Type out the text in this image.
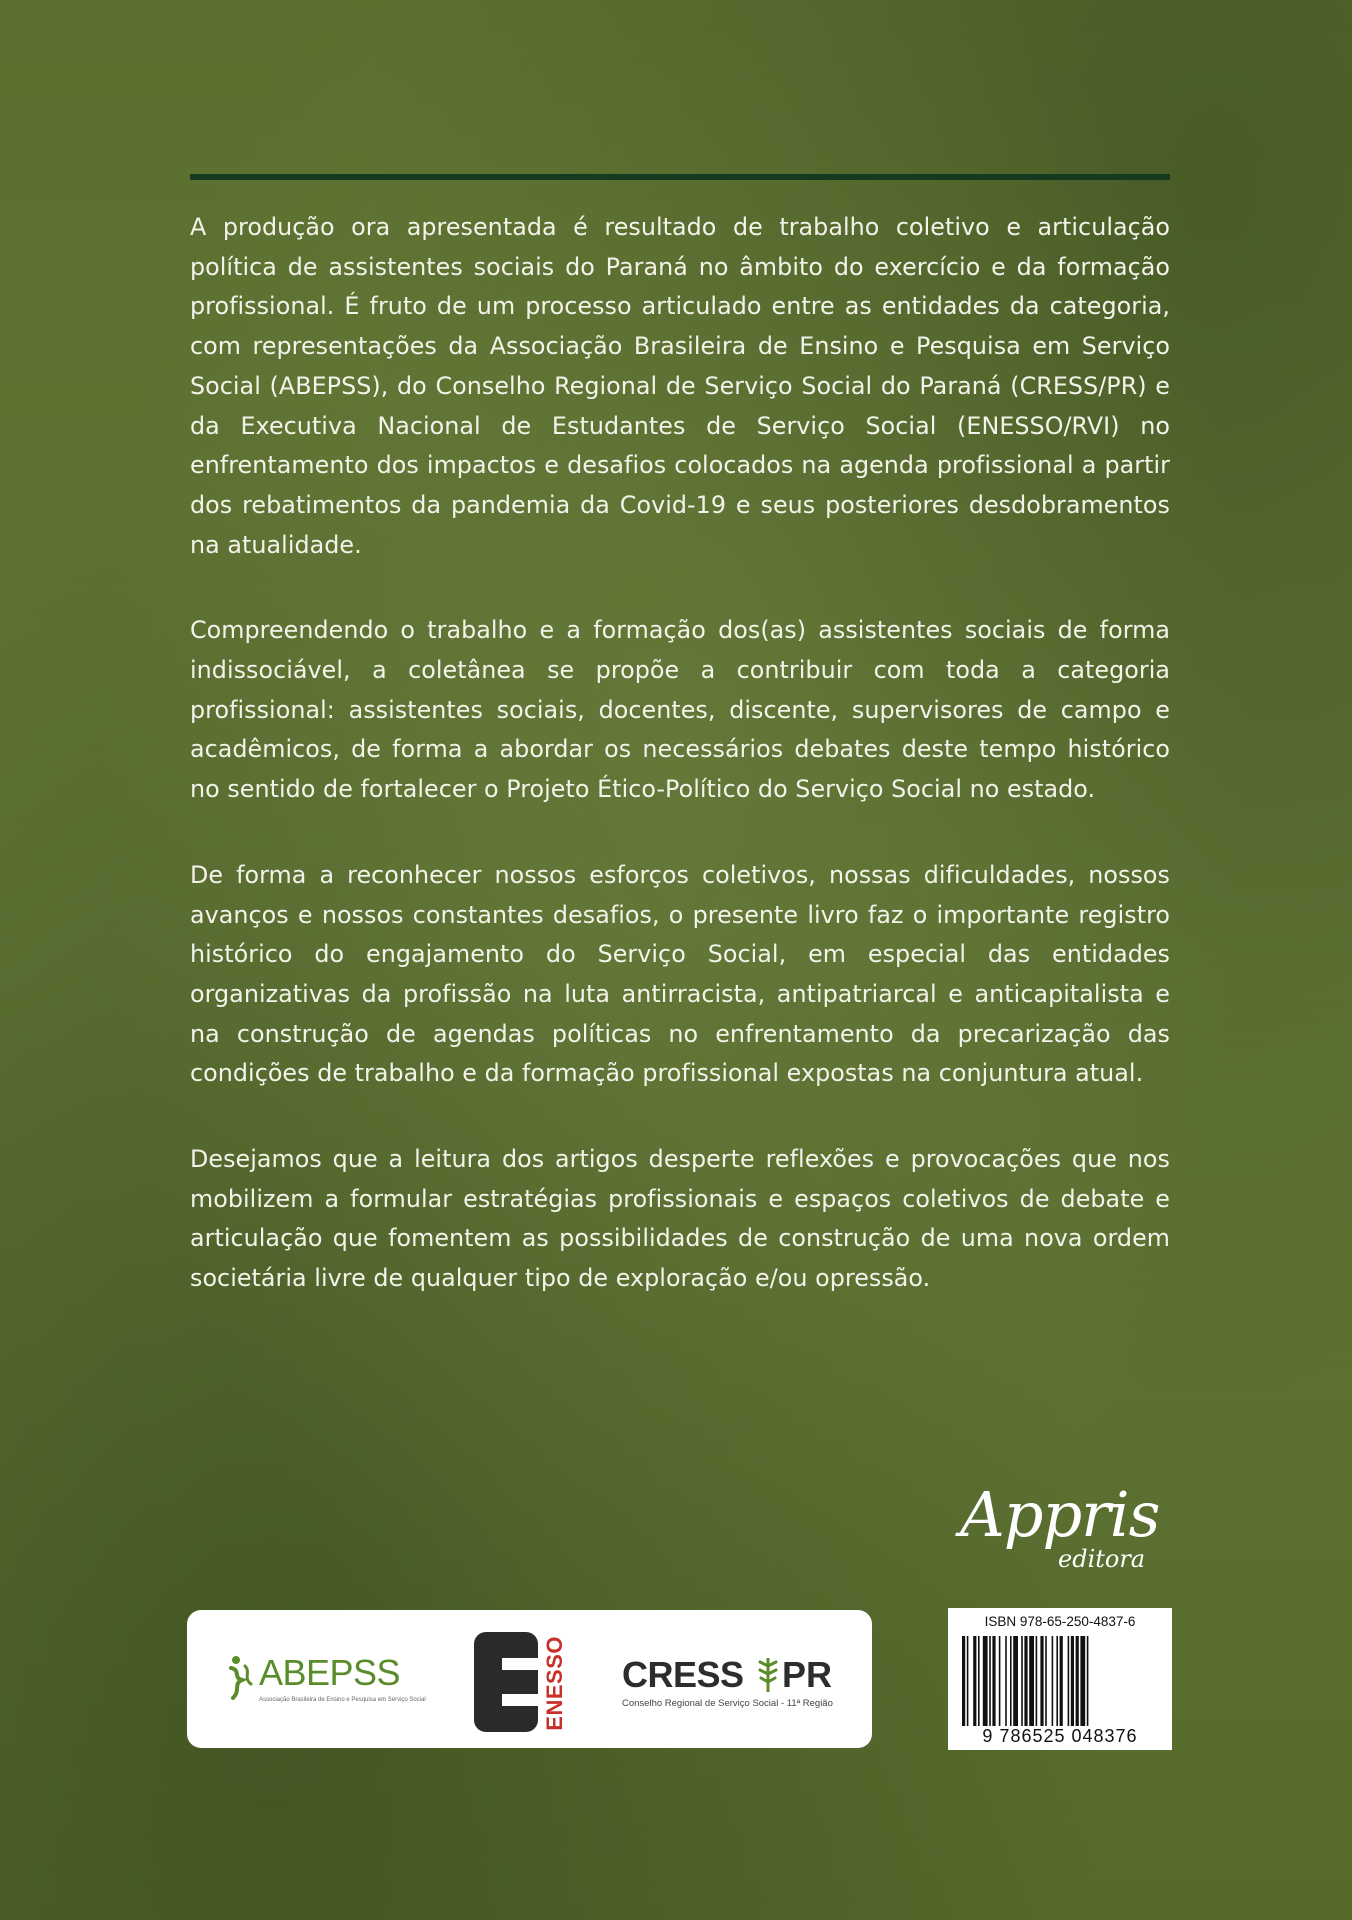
A produção ora apresentada é resultado de trabalho coletivo e articulação política de assistentes sociais do Paraná no âmbito do exercício e da formação profissional. É fruto de um processo articulado entre as entidades da categoria, com representações da Associação Brasileira de Ensino e Pesquisa em Serviço Social (ABEPSS), do Conselho Regional de Serviço Social do Paraná (CRESS/PR) e da Executiva Nacional de Estudantes de Serviço Social (ENESSO/RVI) no enfrentamento dos impactos e desafios colocados na agenda profissional a partir dos rebatimentos da pandemia da Covid-19 e seus posteriores desdobramentos na atualidade.

Compreendendo o trabalho e a formação dos(as) assistentes sociais de forma indissociável, a coletânea se propõe a contribuir com toda a categoria profissional: assistentes sociais, docentes, discente, supervisores de campo e acadêmicos, de forma a abordar os necessários debates deste tempo histórico no sentido de fortalecer o Projeto Ético-Político do Serviço Social no estado.

De forma a reconhecer nossos esforços coletivos, nossas dificuldades, nossos avanços e nossos constantes desafios, o presente livro faz o importante registro histórico do engajamento do Serviço Social, em especial das entidades organizativas da profissão na luta antirracista, antipatriarcal e anticapitalista e na construção de agendas políticas no enfrentamento da precarização das condições de trabalho e da formação profissional expostas na conjuntura atual.

Desejamos que a leitura dos artigos desperte reflexões e provocações que nos mobilizem a formular estratégias profissionais e espaços coletivos de debate e articulação que fomentem as possibilidades de construção de uma nova ordem societária livre de qualquer tipo de exploração e/ou opressão.

Appris
editora
ABEPSS
Associação Brasileira de Ensino e Pesquisa em Serviço Social	ENESSO CRESS PR
Conselho Regional de Serviço Social - 11ª Região
ISBN 978-65-250-4837-6
9 786525 048376
